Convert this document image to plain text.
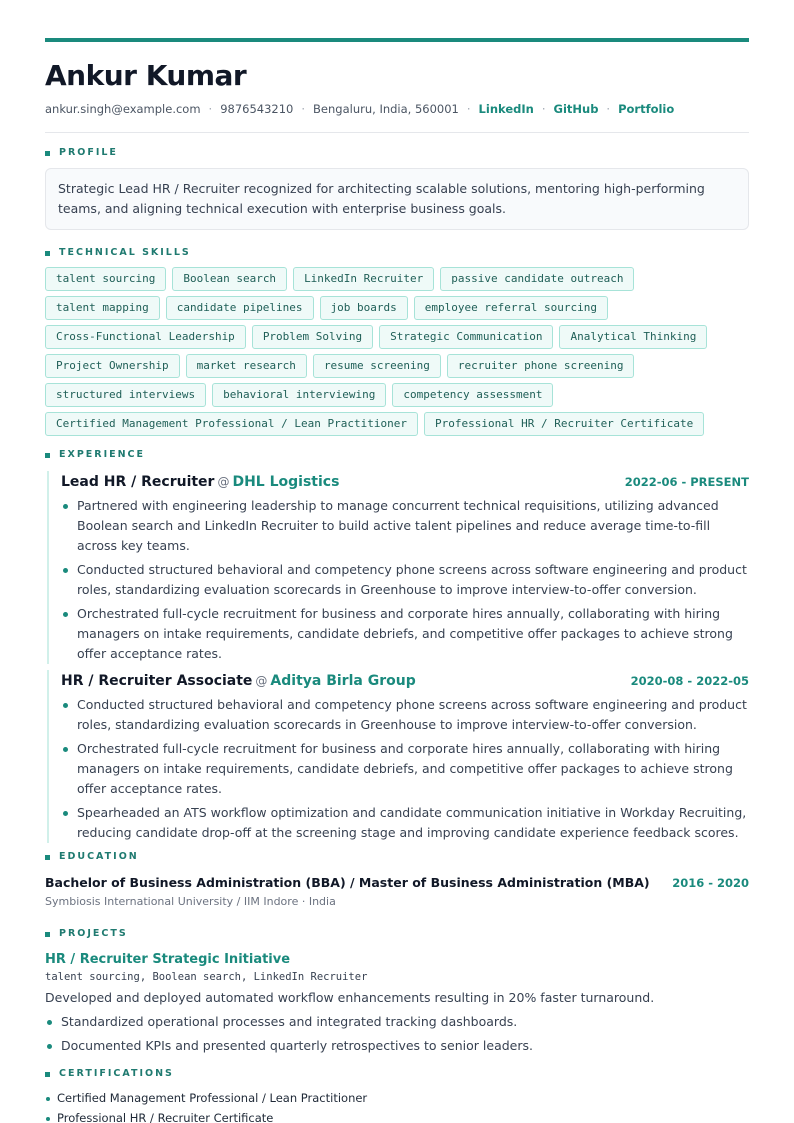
Ankur Kumar
ankur.singh@example.com · 9876543210 · Bengaluru, India, 560001 · LinkedIn · GitHub · Portfolio
PROFILE
Strategic Lead HR / Recruiter recognized for architecting scalable solutions, mentoring high-performing teams, and aligning technical execution with enterprise business goals.
TECHNICAL SKILLS
talent sourcing	Boolean search	LinkedIn Recruiter	passive candidate outreach
talent mapping	candidate pipelines	job boards	employee referral sourcing
Cross-Functional Leadership	Problem Solving	Strategic Communication	Analytical Thinking
Project Ownership	market research	resume screening	recruiter phone screening
structured interviews	behavioral interviewing	competency assessment
Certified Management Professional / Lean Practitioner	Professional HR / Recruiter Certificate
EXPERIENCE
Lead HR / Recruiter @ DHL Logistics	2022-06 - PRESENT
Partnered with engineering leadership to manage concurrent technical requisitions, utilizing advanced Boolean search and LinkedIn Recruiter to build active talent pipelines and reduce average time-to-fill across key teams.
Conducted structured behavioral and competency phone screens across software engineering and product roles, standardizing evaluation scorecards in Greenhouse to improve interview-to-offer conversion.
Orchestrated full-cycle recruitment for business and corporate hires annually, collaborating with hiring managers on intake requirements, candidate debriefs, and competitive offer packages to achieve strong offer acceptance rates.
HR / Recruiter Associate @ Aditya Birla Group	2020-08 - 2022-05
Conducted structured behavioral and competency phone screens across software engineering and product roles, standardizing evaluation scorecards in Greenhouse to improve interview-to-offer conversion.
Orchestrated full-cycle recruitment for business and corporate hires annually, collaborating with hiring managers on intake requirements, candidate debriefs, and competitive offer packages to achieve strong offer acceptance rates.
Spearheaded an ATS workflow optimization and candidate communication initiative in Workday Recruiting, reducing candidate drop-off at the screening stage and improving candidate experience feedback scores.
EDUCATION
Bachelor of Business Administration (BBA) / Master of Business Administration (MBA) 2016 - 2020
Symbiosis International University / IIM Indore · India
PROJECTS
HR / Recruiter Strategic Initiative
talent sourcing, Boolean search, LinkedIn Recruiter
Developed and deployed automated workflow enhancements resulting in 20% faster turnaround.
Standardized operational processes and integrated tracking dashboards.
Documented KPIs and presented quarterly retrospectives to senior leaders.
CERTIFICATIONS
Certified Management Professional / Lean Practitioner
Professional HR / Recruiter Certificate
